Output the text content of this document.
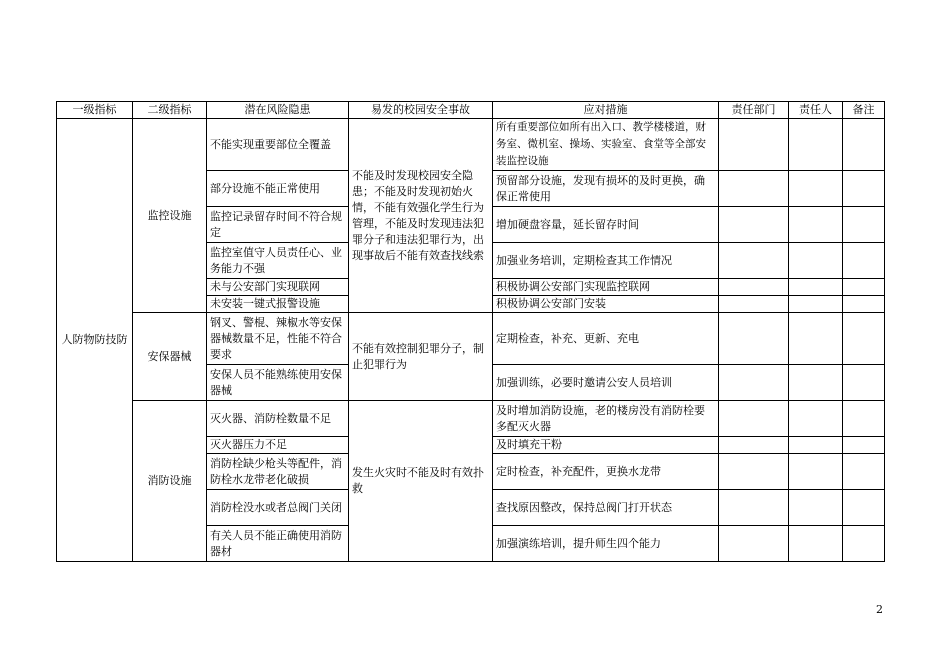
一级指标	二级指标	潜在风险隐患	易发的校园安全事故	应对措施	责任部门	责任人	备注
人防物防技防	监控设施	不能实现重要部位全覆盖	不能及时发现校园安全隐患；不能及时发现初始火情，不能有效强化学生行为管理，不能及时发现违法犯罪分子和违法犯罪行为，出现事故后不能有效查找线索	所有重要部位如所有出入口、教学楼楼道，财务室、微机室、操场、实验室、食堂等全部安装监控设施			
		部分设施不能正常使用		预留部分设施，发现有损坏的及时更换，确保正常使用			
		监控记录留存时间不符合规定		增加硬盘容量，延长留存时间			
		监控室值守人员责任心、业务能力不强		加强业务培训，定期检查其工作情况			
		未与公安部门实现联网		积极协调公安部门实现监控联网			
		未安装一键式报警设施		积极协调公安部门安装			
	安保器械	钢叉、警棍、辣椒水等安保器械数量不足，性能不符合要求	不能有效控制犯罪分子，制止犯罪行为	定期检查，补充、更新、充电			
		安保人员不能熟练使用安保器械		加强训练，必要时邀请公安人员培训			
	消防设施	灭火器、消防栓数量不足	发生火灾时不能及时有效扑救	及时增加消防设施，老的楼房没有消防栓要多配灭火器			
		灭火器压力不足		及时填充干粉			
		消防栓缺少枪头等配件，消防栓水龙带老化破损		定时检查，补充配件，更换水龙带			
		消防栓没水或者总阀门关闭		查找原因整改，保持总阀门打开状态			
		有关人员不能正确使用消防器材		加强演练培训，提升师生四个能力			
2
